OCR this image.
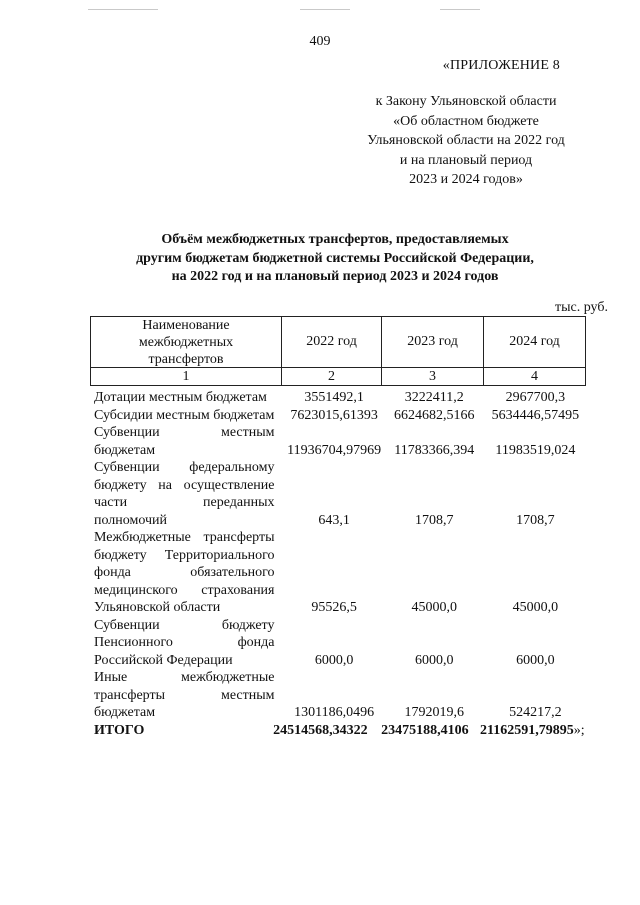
409
«ПРИЛОЖЕНИЕ 8
к Закону Ульяновской области
«Об областном бюджете
Ульяновской области на 2022 год
и на плановый период
2023 и 2024 годов»
Объём межбюджетных трансфертов, предоставляемых
другим бюджетам бюджетной системы Российской Федерации,
на 2022 год и на плановый период 2023 и 2024 годов
тыс. руб.
Наименование межбюджетных трансфертов
2022 год	2023 год	2024 год
1	2	3	4
Дотации местным бюджетам	3551492,1	3222411,2	2967700,3
Субсидии местным бюджетам	7623015,61393	6624682,5166	5634446,57495
Субвенции местным бюджетам	11936704,97969 11783366,394	11983519,024
Субвенции федеральному бюджету на осуществление части переданных полномочий	643,1	1708,7	1708,7
Межбюджетные трансферты бюджету Территориального фонда обязательного медицинского страхования Ульяновской области	95526,5	45000,0	45000,0
Субвенции бюджету Пенсионного фонда Российской Федерации	6000,0	6000,0	6000,0
Иные межбюджетные трансферты местным бюджетам	1301186,0496	1792019,6	524217,2
ИТОГО	24514568,34322 23475188,4106 21162591,79895»;
